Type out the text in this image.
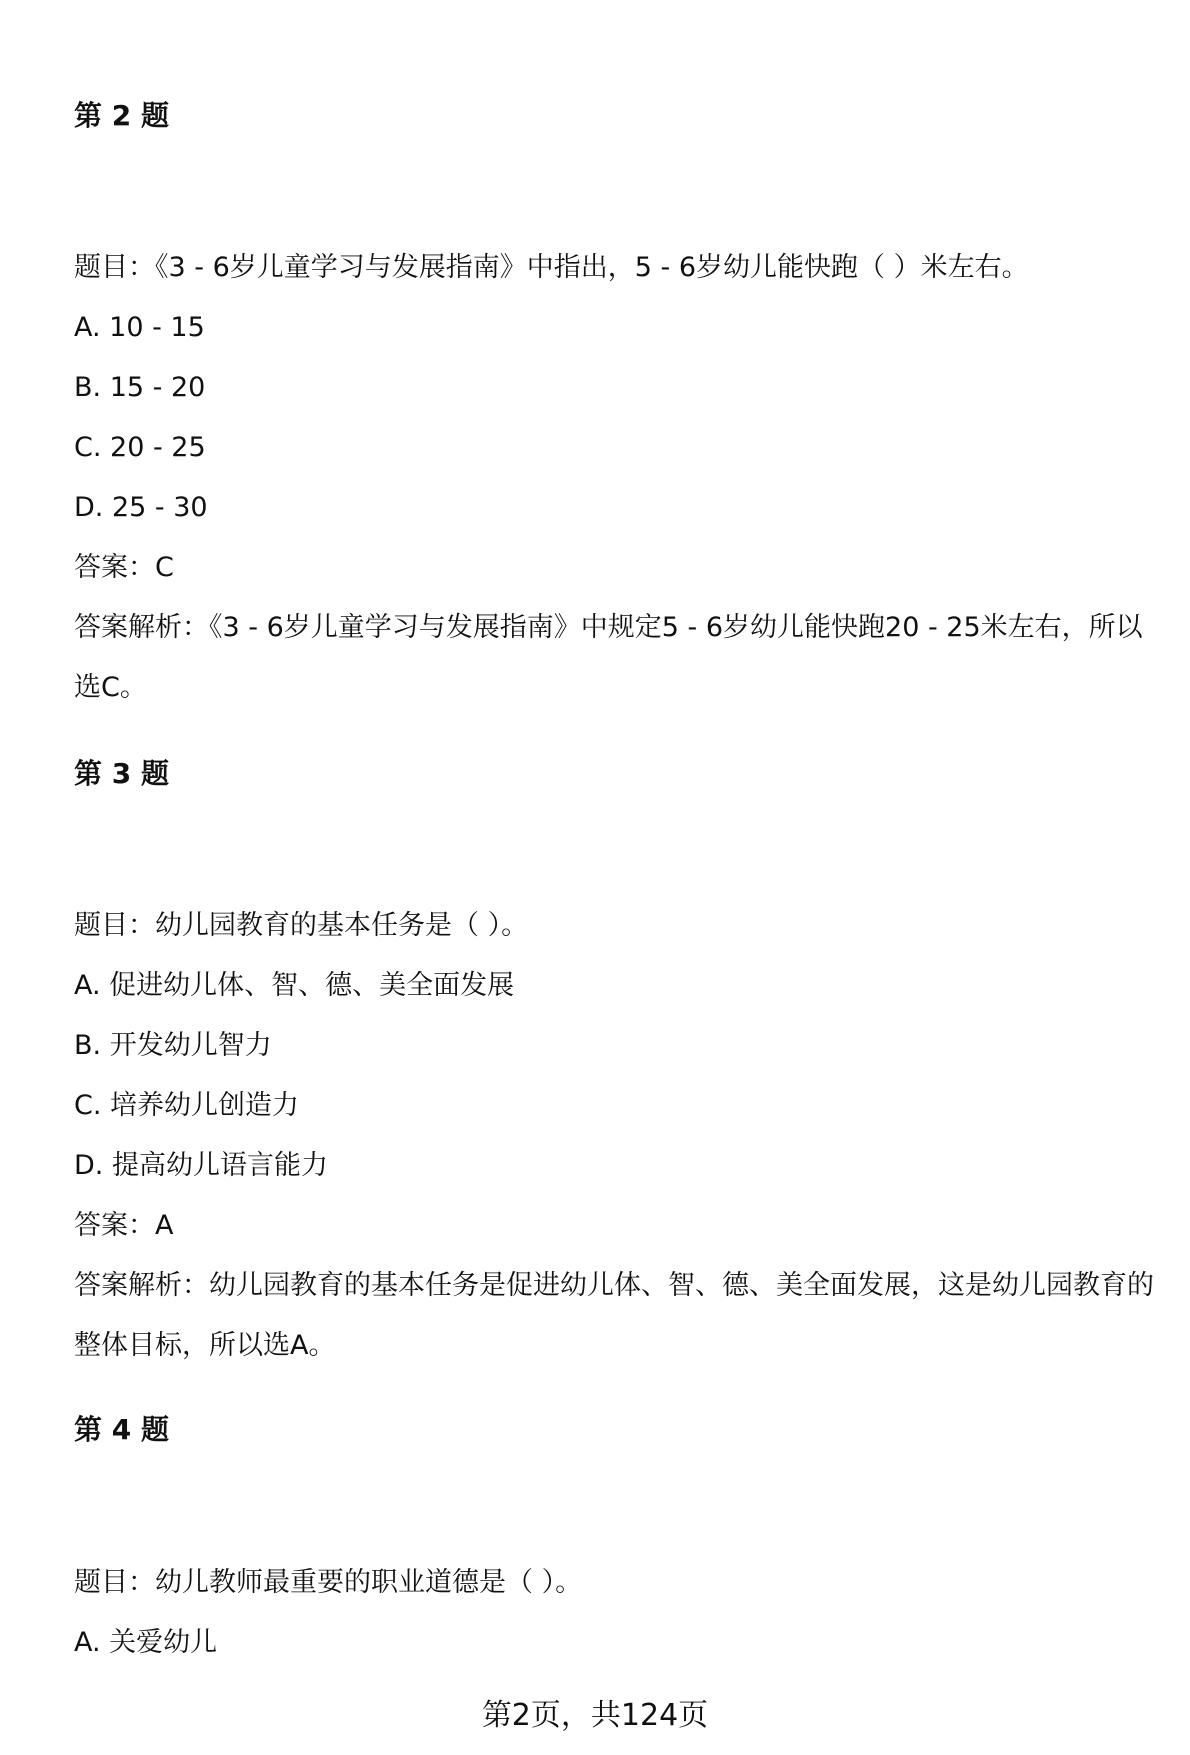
第 2 题

题目：《3 - 6岁儿童学习与发展指南》中指出，5 - 6岁幼儿能快跑（ ）米左右。

A. 10 - 15

B. 15 - 20

C. 20 - 25

D. 25 - 30

答案：C

答案解析：《3 - 6岁儿童学习与发展指南》中规定5 - 6岁幼儿能快跑20 - 25米左右，所以选C。

第 3 题

题目：幼儿园教育的基本任务是（ ）。

A. 促进幼儿体、智、德、美全面发展

B. 开发幼儿智力

C. 培养幼儿创造力

D. 提高幼儿语言能力

答案：A

答案解析：幼儿园教育的基本任务是促进幼儿体、智、德、美全面发展，这是幼儿园教育的整体目标，所以选A。

第 4 题

题目：幼儿教师最重要的职业道德是（ ）。

A. 关爱幼儿

第2页，共124页
